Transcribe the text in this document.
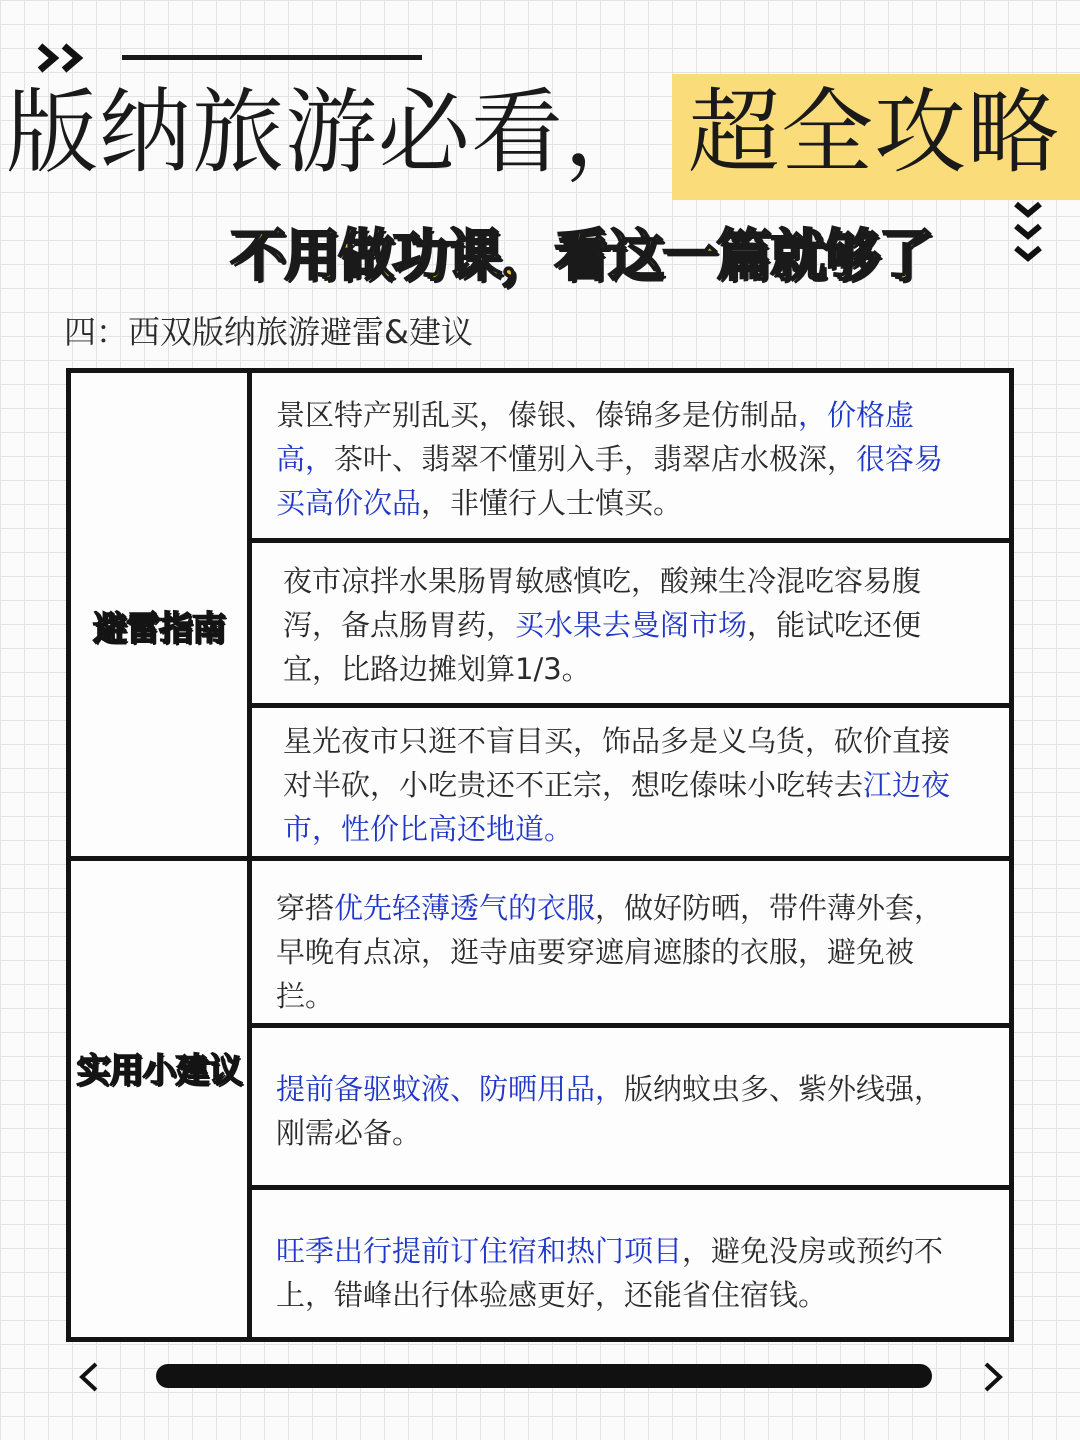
版纳旅游必看， 超全攻略
不用做功课，看这一篇就够了
四：西双版纳旅游避雷&建议
避雷指南
实用小建议
景区特产别乱买，傣银、傣锦多是仿制品，价格虚高，茶叶、翡翠不懂别入手，翡翠店水极深，很容易买高价次品，非懂行人士慎买。
夜市凉拌水果肠胃敏感慎吃，酸辣生冷混吃容易腹泻，备点肠胃药，买水果去曼阁市场，能试吃还便宜，比路边摊划算1/3。
星光夜市只逛不盲目买，饰品多是义乌货，砍价直接对半砍，小吃贵还不正宗，想吃傣味小吃转去江边夜市，性价比高还地道。
穿搭优先轻薄透气的衣服，做好防晒，带件薄外套，早晚有点凉，逛寺庙要穿遮肩遮膝的衣服，避免被拦。
提前备驱蚊液、防晒用品，版纳蚊虫多、紫外线强，刚需必备。
旺季出行提前订住宿和热门项目，避免没房或预约不上，错峰出行体验感更好，还能省住宿钱。
